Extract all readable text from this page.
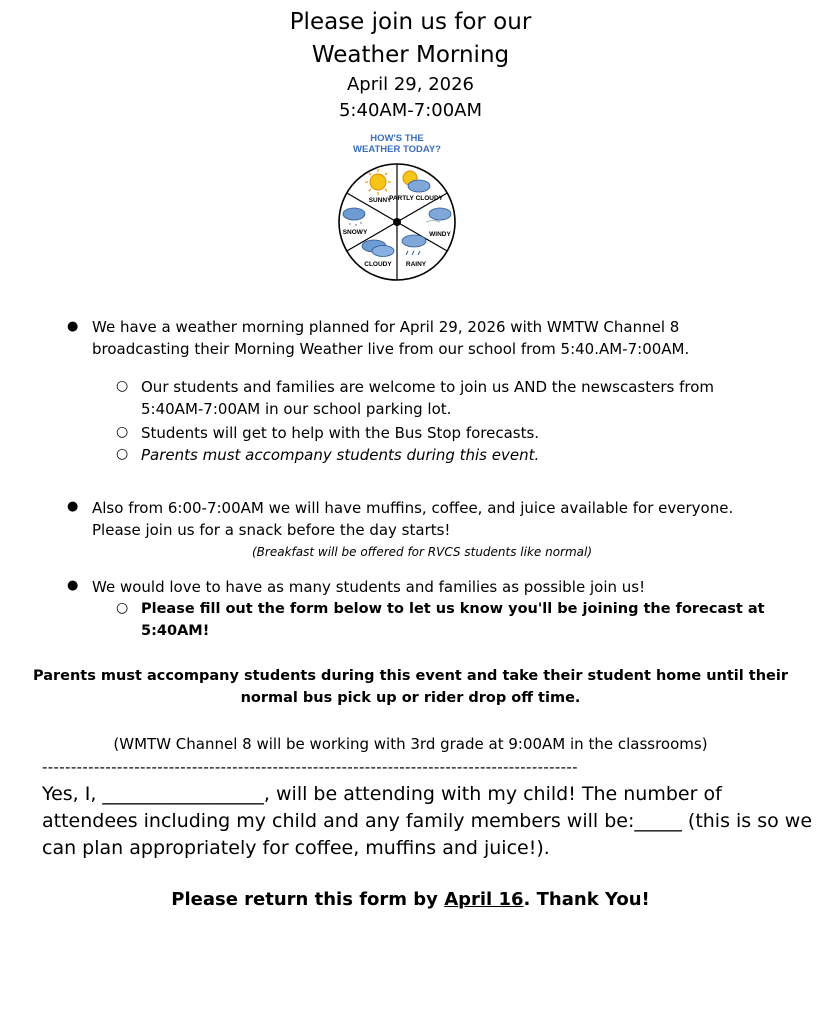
Please join us for our
Weather Morning
April 29, 2026
5:40AM-7:00AM
HOW'S THE
WEATHER TODAY?
SUNNY
PARTLY CLOUDY
WINDY
RAINY
CLOUDY
SNOWY
● We have a weather morning planned for April 29, 2026 with WMTW Channel 8
broadcasting their Morning Weather live from our school from 5:40.AM-7:00AM.
○ Our students and families are welcome to join us AND the newscasters from
5:40AM-7:00AM in our school parking lot.
○ Students will get to help with the Bus Stop forecasts.
○ Parents must accompany students during this event.
● Also from 6:00-7:00AM we will have muffins, coffee, and juice available for everyone.
Please join us for a snack before the day starts!
(Breakfast will be offered for RVCS students like normal)
● We would love to have as many students and families as possible join us!
○ Please fill out the form below to let us know you'll be joining the forecast at
5:40AM!
Parents must accompany students during this event and take their student home until their
normal bus pick up or rider drop off time.
(WMTW Channel 8 will be working with 3rd grade at 9:00AM in the classrooms)
---------------------------------------------------------------------------------------------
Yes, I, _________________, will be attending with my child! The number of
attendees including my child and any family members will be:_____ (this is so we
can plan appropriately for coffee, muffins and juice!).
Please return this form by April 16. Thank You!
